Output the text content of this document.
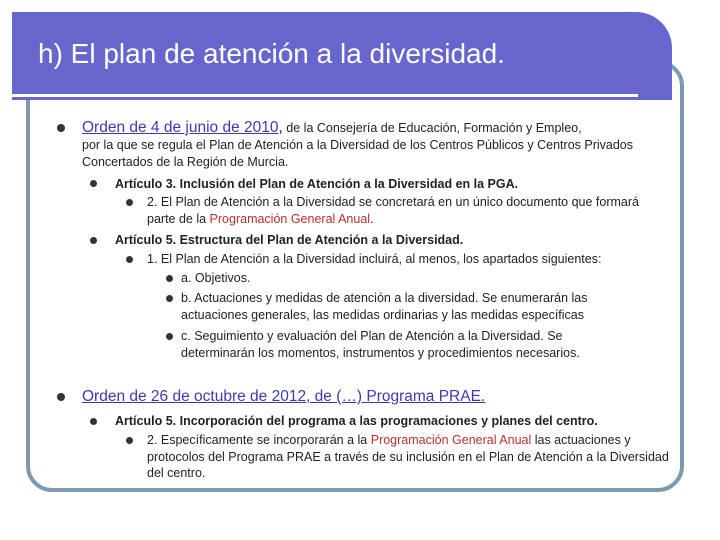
h) El plan de atención a la diversidad.
Orden de 4 de junio de 2010, de la Consejería de Educación, Formación y Empleo,
por la que se regula el Plan de Atención a la Diversidad de los Centros Públicos y Centros Privados Concertados de la Región de Murcia.
Artículo 3. Inclusión del Plan de Atención a la Diversidad en la PGA.
2. El Plan de Atención a la Diversidad se concretará en un único documento que formará parte de la Programación General Anual.
Artículo 5. Estructura del Plan de Atención a la Diversidad.
1. El Plan de Atención a la Diversidad incluirá, al menos, los apartados siguientes:
a. Objetivos.
b. Actuaciones y medidas de atención a la diversidad. Se enumerarán las actuaciones generales, las medidas ordinarias y las medidas específicas
c. Seguimiento y evaluación del Plan de Atención a la Diversidad. Se determinarán los momentos, instrumentos y procedimientos necesarios.
Orden de 26 de octubre de 2012, de (…) Programa PRAE.
Artículo 5. Incorporación del programa a las programaciones y planes del centro.
2. Específicamente se incorporarán a la Programación General Anual las actuaciones y protocolos del Programa PRAE a través de su inclusión en el Plan de Atención a la Diversidad del centro.
